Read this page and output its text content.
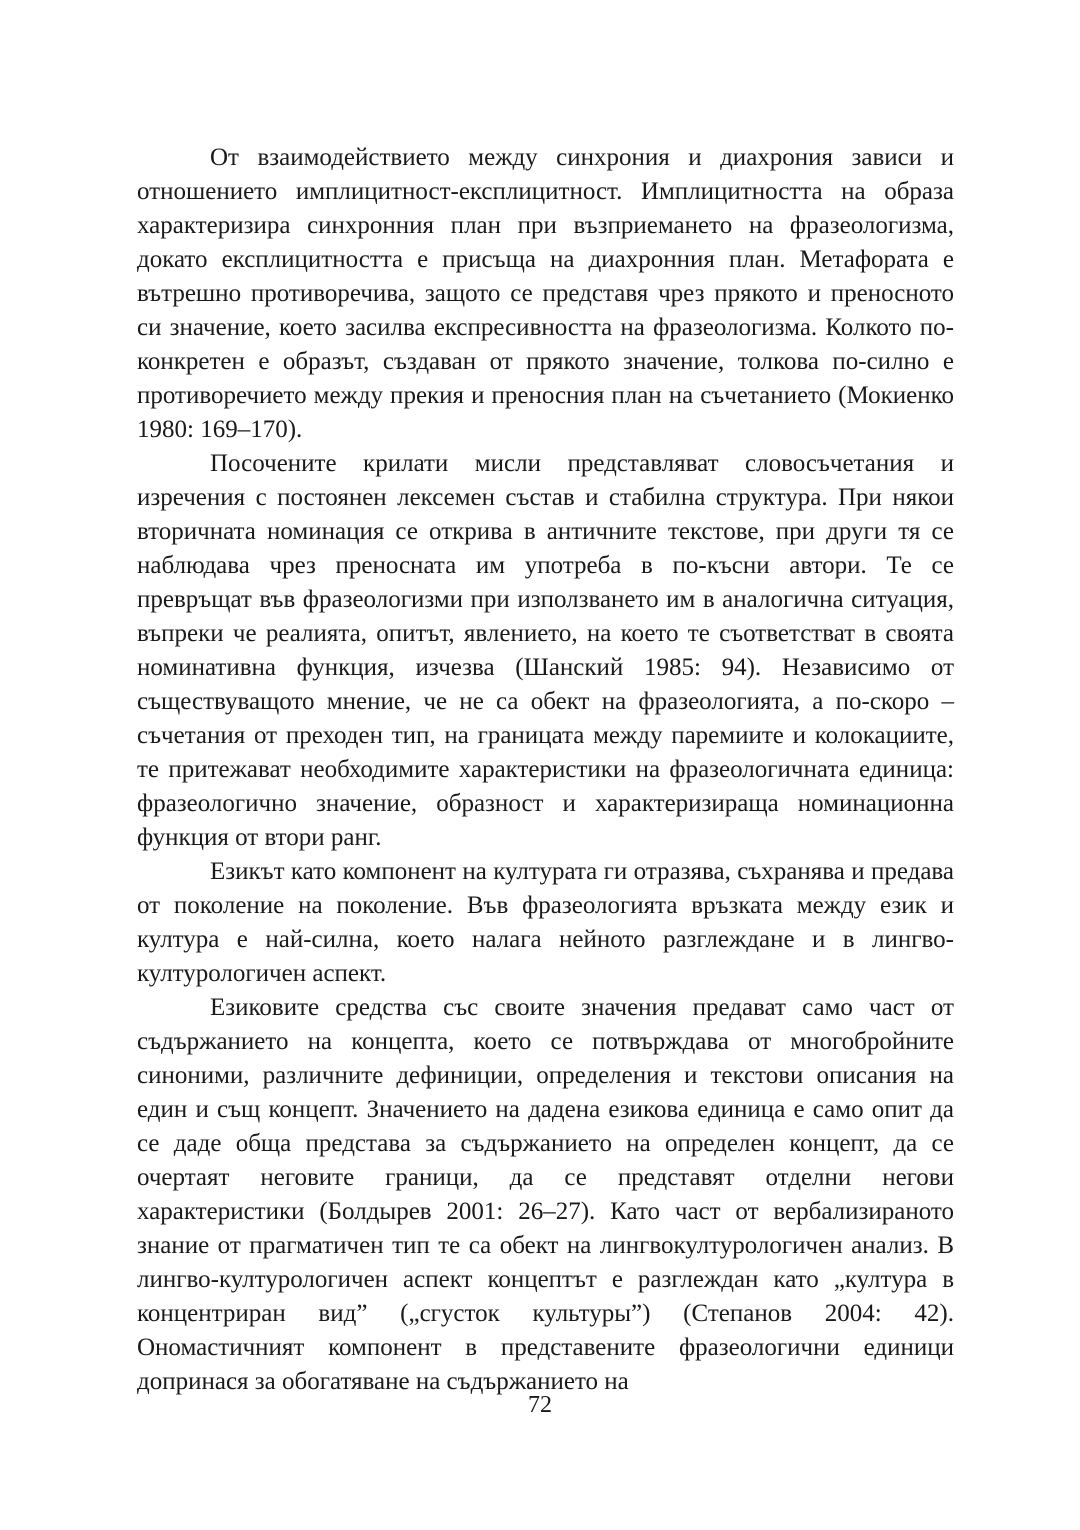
От взаимодействието между синхрония и диахрония зависи и отношението имплицитност-експлицитност. Имплицитността на образа характеризира синхронния план при възприемането на фразеологизма, докато експлицитността е присъща на диахронния план. Метафората е вътрешно противоречива, защото се представя чрез прякото и преносното си значение, което засилва експресивността на фразеологизма. Колкото по-конкретен е образът, създаван от прякото значение, толкова по-силно е противоречието между прекия и преносния план на съчетанието (Мокиенко 1980: 169–170).

Посочените крилати мисли представляват словосъчетания и изречения с постоянен лексемен състав и стабилна структура. При някои вторичната номинация се открива в античните текстове, при други тя се наблюдава чрез преносната им употреба в по-късни автори. Те се превръщат във фразеологизми при използването им в аналогична ситуация, въпреки че реалията, опитът, явлението, на което те съответстват в своята номинативна функция, изчезва (Шанский 1985: 94). Независимо от съществуващото мнение, че не са обект на фразеологията, а по-скоро – съчетания от преходен тип, на границата между паремиите и колокациите, те притежават необходимите характеристики на фразеологичната единица: фразеологично значение, образност и характеризираща номинационна функция от втори ранг.

Езикът като компонент на културата ги отразява, съхранява и предава от поколение на поколение. Във фразеологията връзката между език и култура е най-силна, което налага нейното разглеждане и в лингво-културологичен аспект.

Езиковите средства със своите значения предават само част от съдържанието на концепта, което се потвърждава от многобройните синоними, различните дефиниции, определения и текстови описания на един и същ концепт. Значението на дадена езикова единица е само опит да се даде обща представа за съдържанието на определен концепт, да се очертаят неговите граници, да се представят отделни негови характеристики (Болдырев 2001: 26–27). Като част от вербализираното знание от прагматичен тип те са обект на лингвокултурологичен анализ. В лингво-културологичен аспект концептът е разглеждан като „култура в концентриран вид” („сгусток культуры”) (Степанов 2004: 42). Ономастичният компонент в представените фразеологични единици допринася за обогатяване на съдържанието на

72
